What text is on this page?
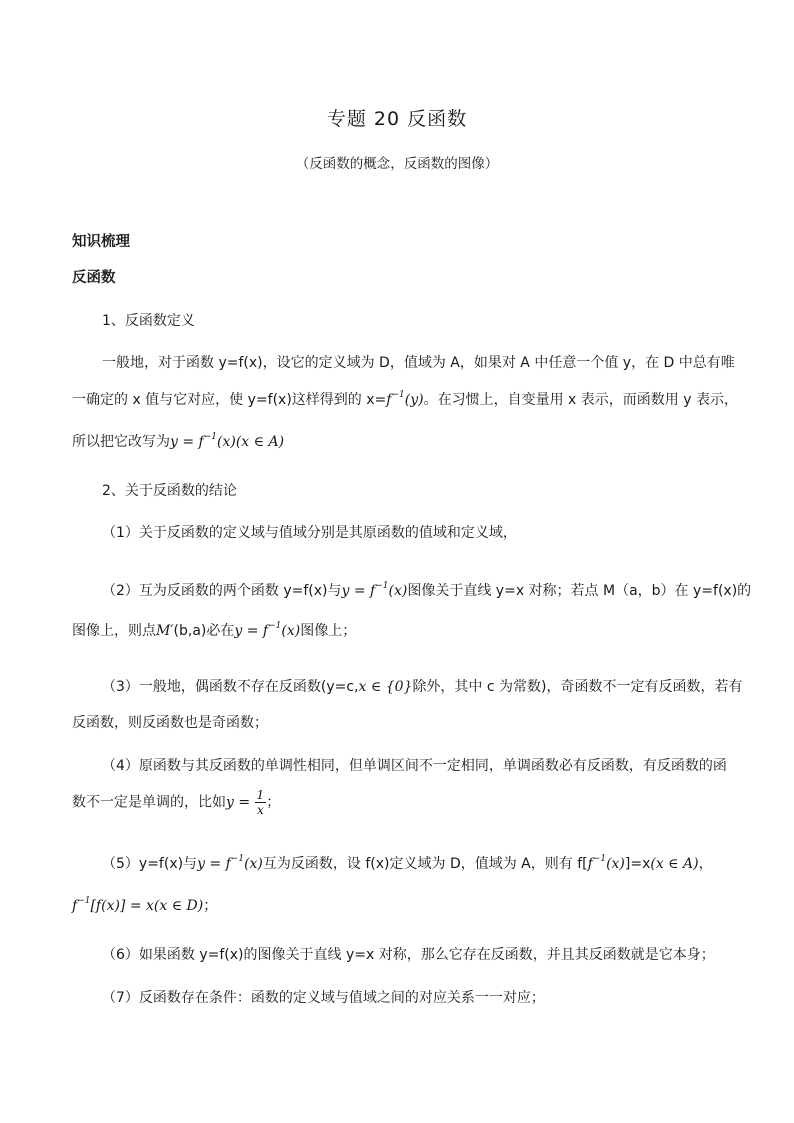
专题 20 反函数
（反函数的概念，反函数的图像）
知识梳理
反函数
1、反函数定义
一般地，对于函数 y=f(x)，设它的定义域为 D，值域为 A，如果对 A 中任意一个值 y，在 D 中总有唯
一确定的 x 值与它对应，使 y=f(x)这样得到的 $x=f^{-1}(y)$。在习惯上，自变量用 x 表示，而函数用 y 表示，
所以把它改写为$y = f^{-1}(x)(x$ ∈ A)
2、关于反函数的结论
（1）关于反函数的定义域与值域分别是其原函数的值域和定义域，
（2）互为反函数的两个函数 y=f(x)与$y = f^{-1}(x)$图像关于直线 y=x 对称；若点 M（a，b）在 y=f(x)的
图像上，则点M′(b,a)必在$y = f^{-1}(x)$图像上；
（3）一般地，偶函数不存在反函数(y=c,x ∈ {0}除外，其中 c 为常数)，奇函数不一定有反函数，若有
反函数，则反函数也是奇函数；
（4）原函数与其反函数的单调性相同，但单调区间不一定相同，单调函数必有反函数，有反函数的函
数不一定是单调的，比如$y = \frac{1}{x}$ ；
（5）y=f(x)与$y = f^{-1}(x)$互为反函数，设 f(x)定义域为 D，值域为 A，则有 $f[f^{-1}(x)]=x(x$ ∈ A)，
$f^{-1}[f(x)] = x(x$ ∈ D)；
（6）如果函数 y=f(x)的图像关于直线 y=x 对称，那么它存在反函数，并且其反函数就是它本身；
（7）反函数存在条件：函数的定义域与值域之间的对应关系一一对应；
